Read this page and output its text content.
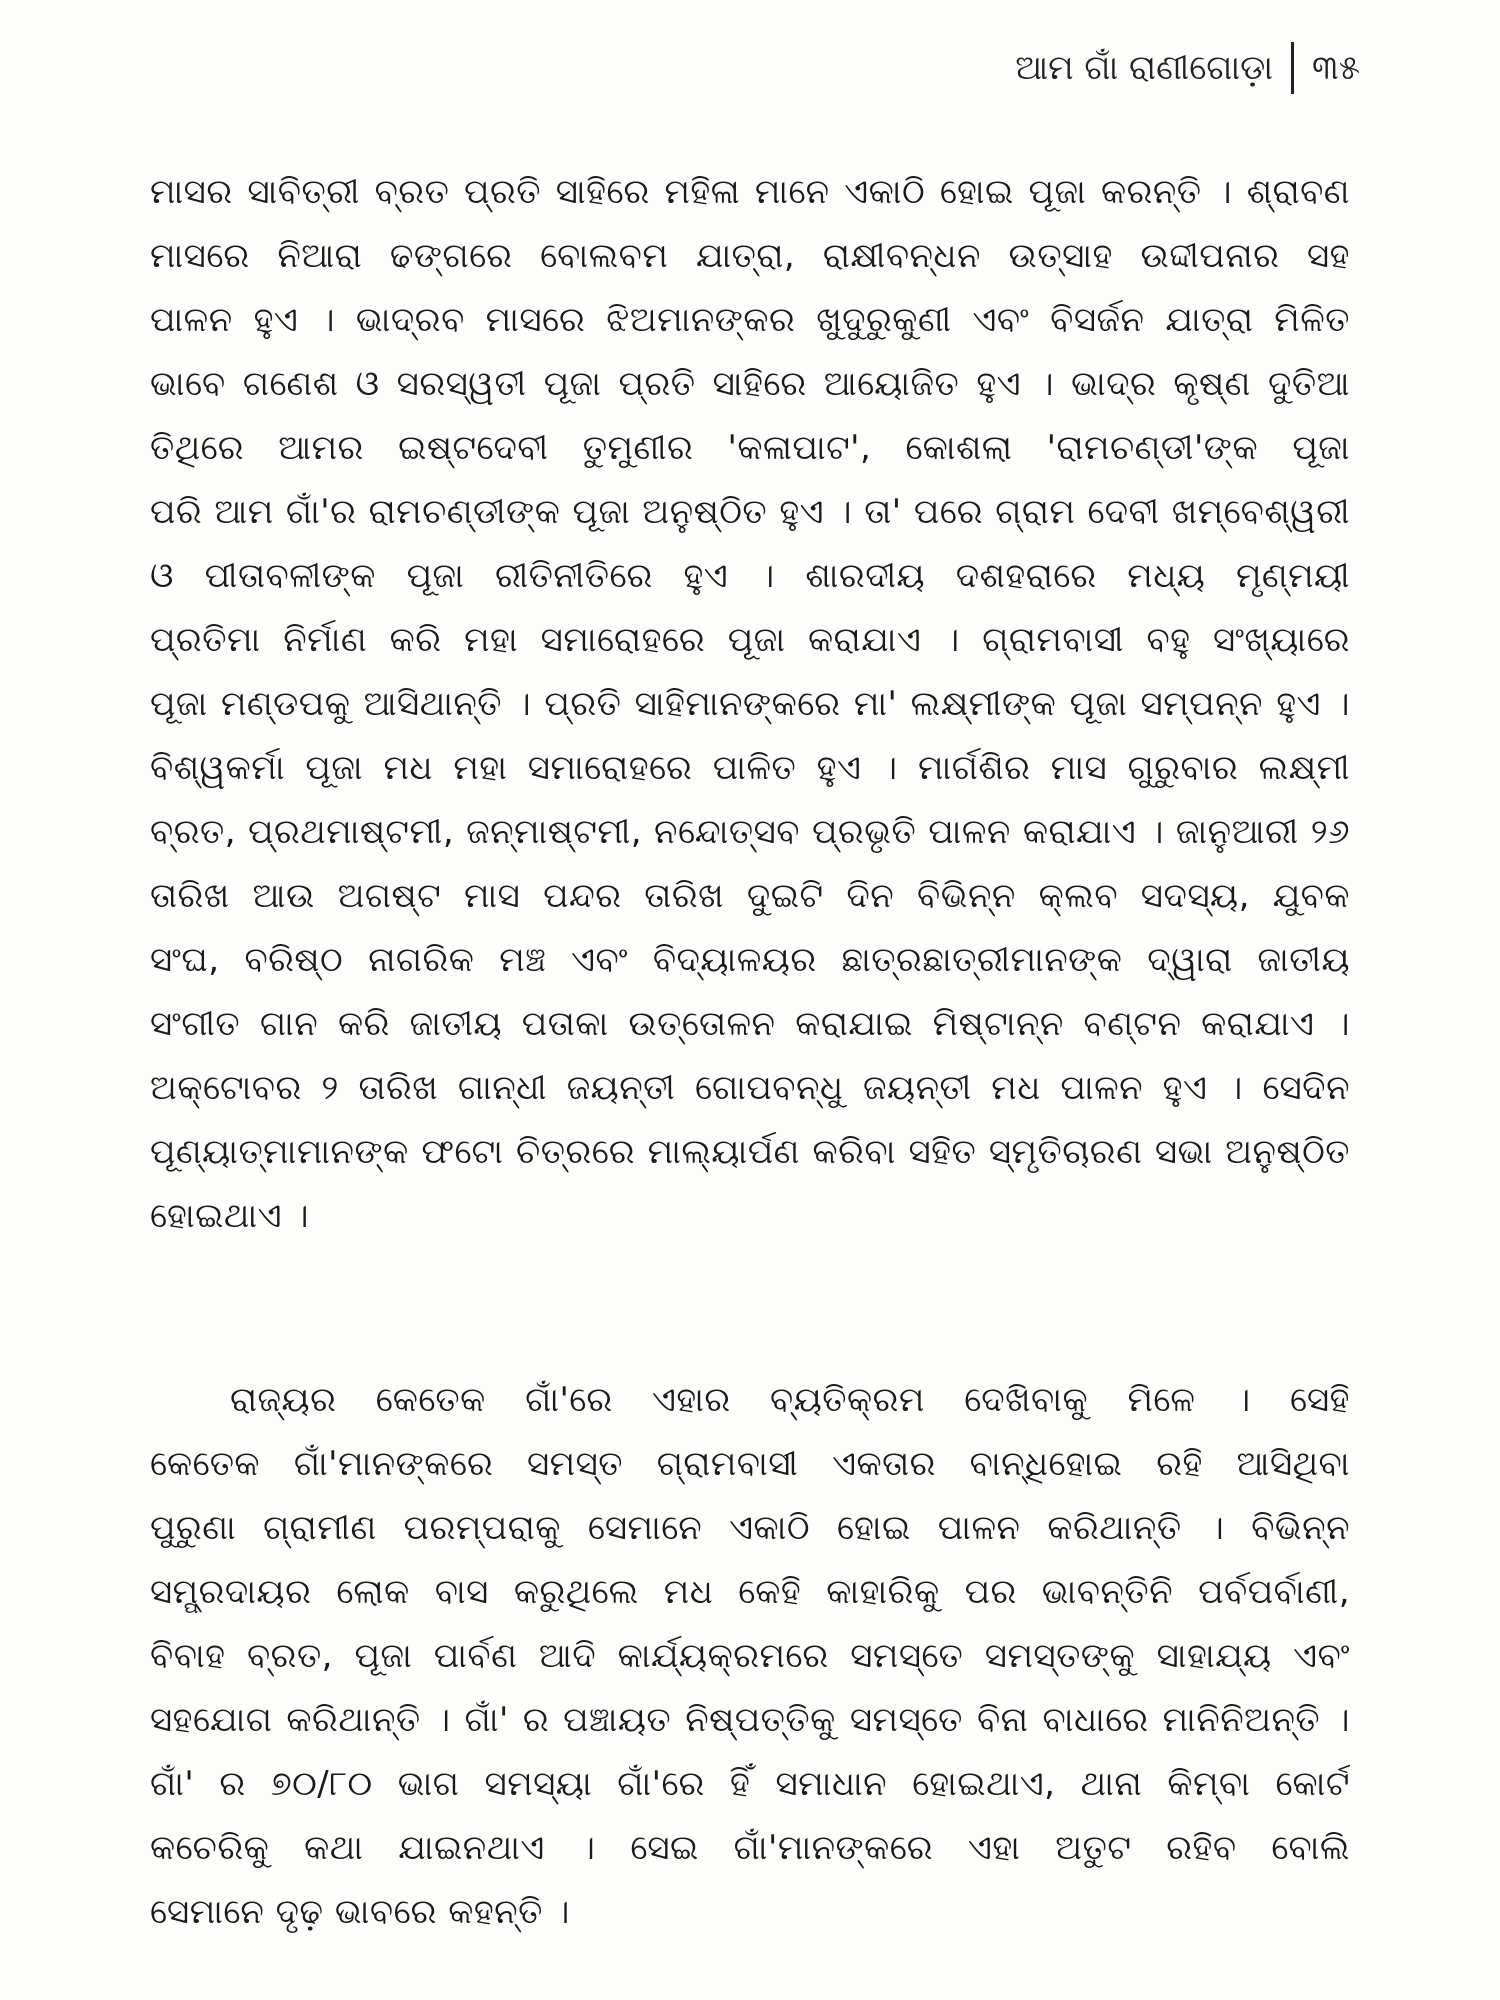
ଆମ ଗାଁ ରାଣୀଗୋଡ଼ା ୩୫
ମାସର ସାବିତ୍ରୀ ବ୍ରତ ପ୍ରତି ସାହିରେ ମହିଳା ମାନେ ଏକାଠି ହୋଇ ପୂଜା କରନ୍ତି । ଶ୍ରାବଣ
ମାସରେ ନିଆରା ଢଙ୍ଗରେ ବୋଲବମ ଯାତ୍ରା, ରାକ୍ଷୀବନ୍ଧନ ଉତ୍ସାହ ଉଦ୍ଦୀପନାର ସହ
ପାଳନ ହୁଏ । ଭାଦ୍ରବ ମାସରେ ଝିଅମାନଙ୍କର ଖୁଦୁରୁକୁଣୀ ଏବଂ ବିସର୍ଜନ ଯାତ୍ରା ମିଳିତ
ଭାବେ ଗଣେଶ ଓ ସରସ୍ୱତୀ ପୂଜା ପ୍ରତି ସାହିରେ ଆୟୋଜିତ ହୁଏ । ଭାଦ୍ର କୃଷ୍ଣ ଦୁତିଆ
ତିଥିରେ ଆମର ଇଷ୍ଟଦେବୀ ତୁମୁଣୀର 'କଳାପାଟ', କୋଶଲା 'ରାମଚଣ୍ଡୀ'ଙ୍କ ପୂଜା
ପରି ଆମ ଗାଁ'ର ରାମଚଣ୍ଡୀଙ୍କ ପୂଜା ଅନୁଷ୍ଠିତ ହୁଏ । ତା' ପରେ ଗ୍ରାମ ଦେବୀ ଖମ୍ବେଶ୍ୱରୀ
ଓ ପୀତାବଳୀଙ୍କ ପୂଜା ରୀତିନୀତିରେ ହୁଏ । ଶାରଦୀୟ ଦଶହରାରେ ମଧ୍ୟ ମୃଣ୍ମୟୀ
ପ୍ରତିମା ନିର୍ମାଣ କରି ମହା ସମାରୋହରେ ପୂଜା କରାଯାଏ । ଗ୍ରାମବାସୀ ବହୁ ସଂଖ୍ୟାରେ
ପୂଜା ମଣ୍ଡପକୁ ଆସିଥାନ୍ତି । ପ୍ରତି ସାହିମାନଙ୍କରେ ମା' ଲକ୍ଷ୍ମୀଙ୍କ ପୂଜା ସମ୍ପନ୍ନ ହୁଏ ।
ବିଶ୍ୱକର୍ମା ପୂଜା ମଧ ମହା ସମାରୋହରେ ପାଳିତ ହୁଏ । ମାର୍ଗଶିର ମାସ ଗୁରୁବାର ଲକ୍ଷ୍ମୀ
ବ୍ରତ, ପ୍ରଥମାଷ୍ଟମୀ, ଜନ୍ମାଷ୍ଟମୀ, ନନ୍ଦୋତ୍ସବ ପ୍ରଭୃତି ପାଳନ କରାଯାଏ । ଜାନୁଆରୀ ୨୬
ତାରିଖ ଆଉ ଅଗଷ୍ଟ ମାସ ପନ୍ଦର ତାରିଖ ଦୁଇଟି ଦିନ ବିଭିନ୍ନ କ୍ଲବ ସଦସ୍ୟ, ଯୁବକ
ସଂଘ, ବରିଷ୍ଠ ନାଗରିକ ମଞ୍ଚ ଏବଂ ବିଦ୍ୟାଳୟର ଛାତ୍ରଛାତ୍ରୀମାନଙ୍କ ଦ୍ୱାରା ଜାତୀୟ
ସଂଗୀତ ଗାନ କରି ଜାତୀୟ ପତାକା ଉତ୍ତୋଳନ କରାଯାଇ ମିଷ୍ଟାନ୍ନ ବଣ୍ଟନ କରାଯାଏ ।
ଅକ୍ଟୋବର ୨ ତାରିଖ ଗାନ୍ଧୀ ଜୟନ୍ତୀ ଗୋପବନ୍ଧୁ ଜୟନ୍ତୀ ମଧ ପାଳନ ହୁଏ । ସେଦିନ
ପୂଣ୍ୟାତ୍ମାମାନଙ୍କ ଫଟୋ ଚିତ୍ରରେ ମାଲ୍ୟାର୍ପଣ କରିବା ସହିତ ସ୍ମୃତିଚାରଣ ସଭା ଅନୁଷ୍ଠିତ
ହୋଇଥାଏ ।
ରାଜ୍ୟର କେତେକ ଗାଁ'ରେ ଏହାର ବ୍ୟତିକ୍ରମ ଦେଖିବାକୁ ମିଳେ । ସେହି
କେତେକ ଗାଁ'ମାନଙ୍କରେ ସମସ୍ତ ଗ୍ରାମବାସୀ ଏକତାର ବାନ୍ଧିହୋଇ ରହି ଆସିଥିବା
ପୁରୁଣା ଗ୍ରାମୀଣ ପରମ୍ପରାକୁ ସେମାନେ ଏକାଠି ହୋଇ ପାଳନ କରିଥାନ୍ତି । ବିଭିନ୍ନ
ସମ୍ପ୍ରଦାୟର ଲୋକ ବାସ କରୁଥିଲେ ମଧ କେହି କାହାରିକୁ ପର ଭାବନ୍ତିନି ପର୍ବପର୍ବାଣୀ,
ବିବାହ ବ୍ରତ, ପୂଜା ପାର୍ବଣ ଆଦି କାର୍ଯ୍ୟକ୍ରମରେ ସମସ୍ତେ ସମସ୍ତଙ୍କୁ ସାହାଯ୍ୟ ଏବଂ
ସହଯୋଗ କରିଥାନ୍ତି । ଗାଁ' ର ପଞ୍ଚାୟତ ନିଷ୍ପତ୍ତିକୁ ସମସ୍ତେ ବିନା ବାଧାରେ ମାନିନିଅନ୍ତି ।
ଗାଁ' ର ୭୦/୮୦ ଭାଗ ସମସ୍ୟା ଗାଁ'ରେ ହିଁ ସମାଧାନ ହୋଇଥାଏ, ଥାନା କିମ୍ବା କୋର୍ଟ
କଚେରିକୁ କଥା ଯାଇନଥାଏ । ସେଇ ଗାଁ'ମାନଙ୍କରେ ଏହା ଅତୁଟ ରହିବ ବୋଲି
ସେମାନେ ଦୃଢ଼ ଭାବରେ କହନ୍ତି ।
